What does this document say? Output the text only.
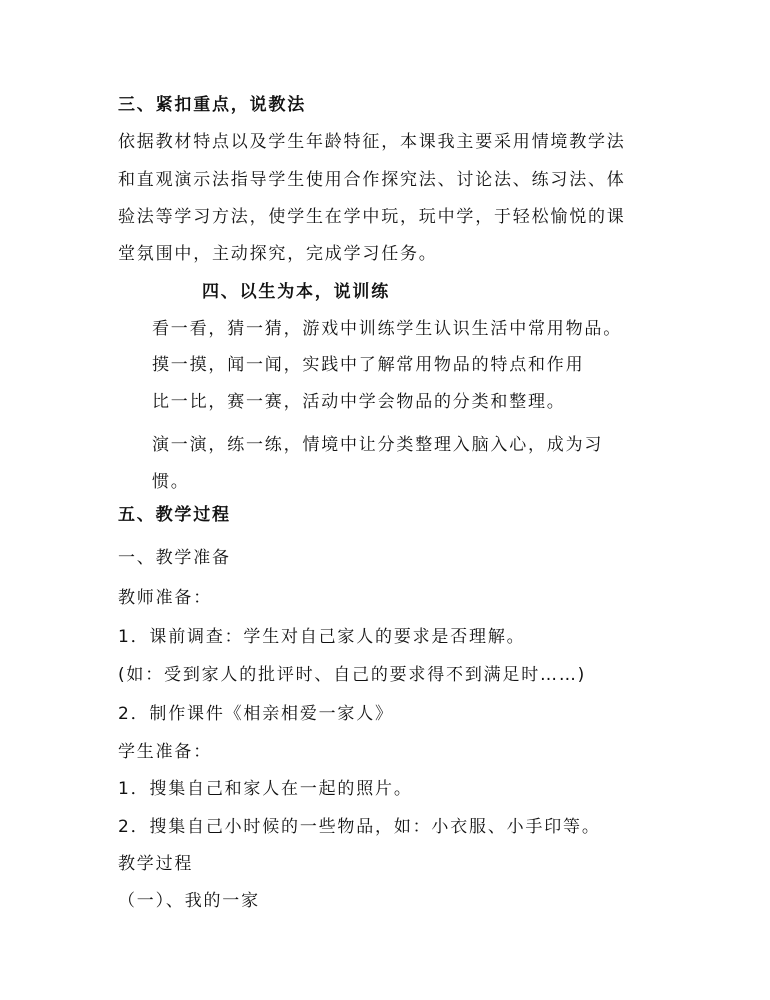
三、紧扣重点，说教法
依据教材特点以及学生年龄特征，本课我主要采用情境教学法
和直观演示法指导学生使用合作探究法、讨论法、练习法、体
验法等学习方法，使学生在学中玩，玩中学，于轻松愉悦的课
堂氛围中，主动探究，完成学习任务。
四、以生为本，说训练
看一看，猜一猜，游戏中训练学生认识生活中常用物品。
摸一摸，闻一闻，实践中了解常用物品的特点和作用
比一比，赛一赛，活动中学会物品的分类和整理。
演一演，练一练，情境中让分类整理入脑入心，成为习
惯。
五、教学过程
一、教学准备
教师准备：
1．课前调查：学生对自己家人的要求是否理解。
(如：受到家人的批评时、自己的要求得不到满足时……)
2．制作课件《相亲相爱一家人》
学生准备：
1．搜集自己和家人在一起的照片。
2．搜集自己小时候的一些物品，如：小衣服、小手印等。
教学过程
（一）、我的一家
